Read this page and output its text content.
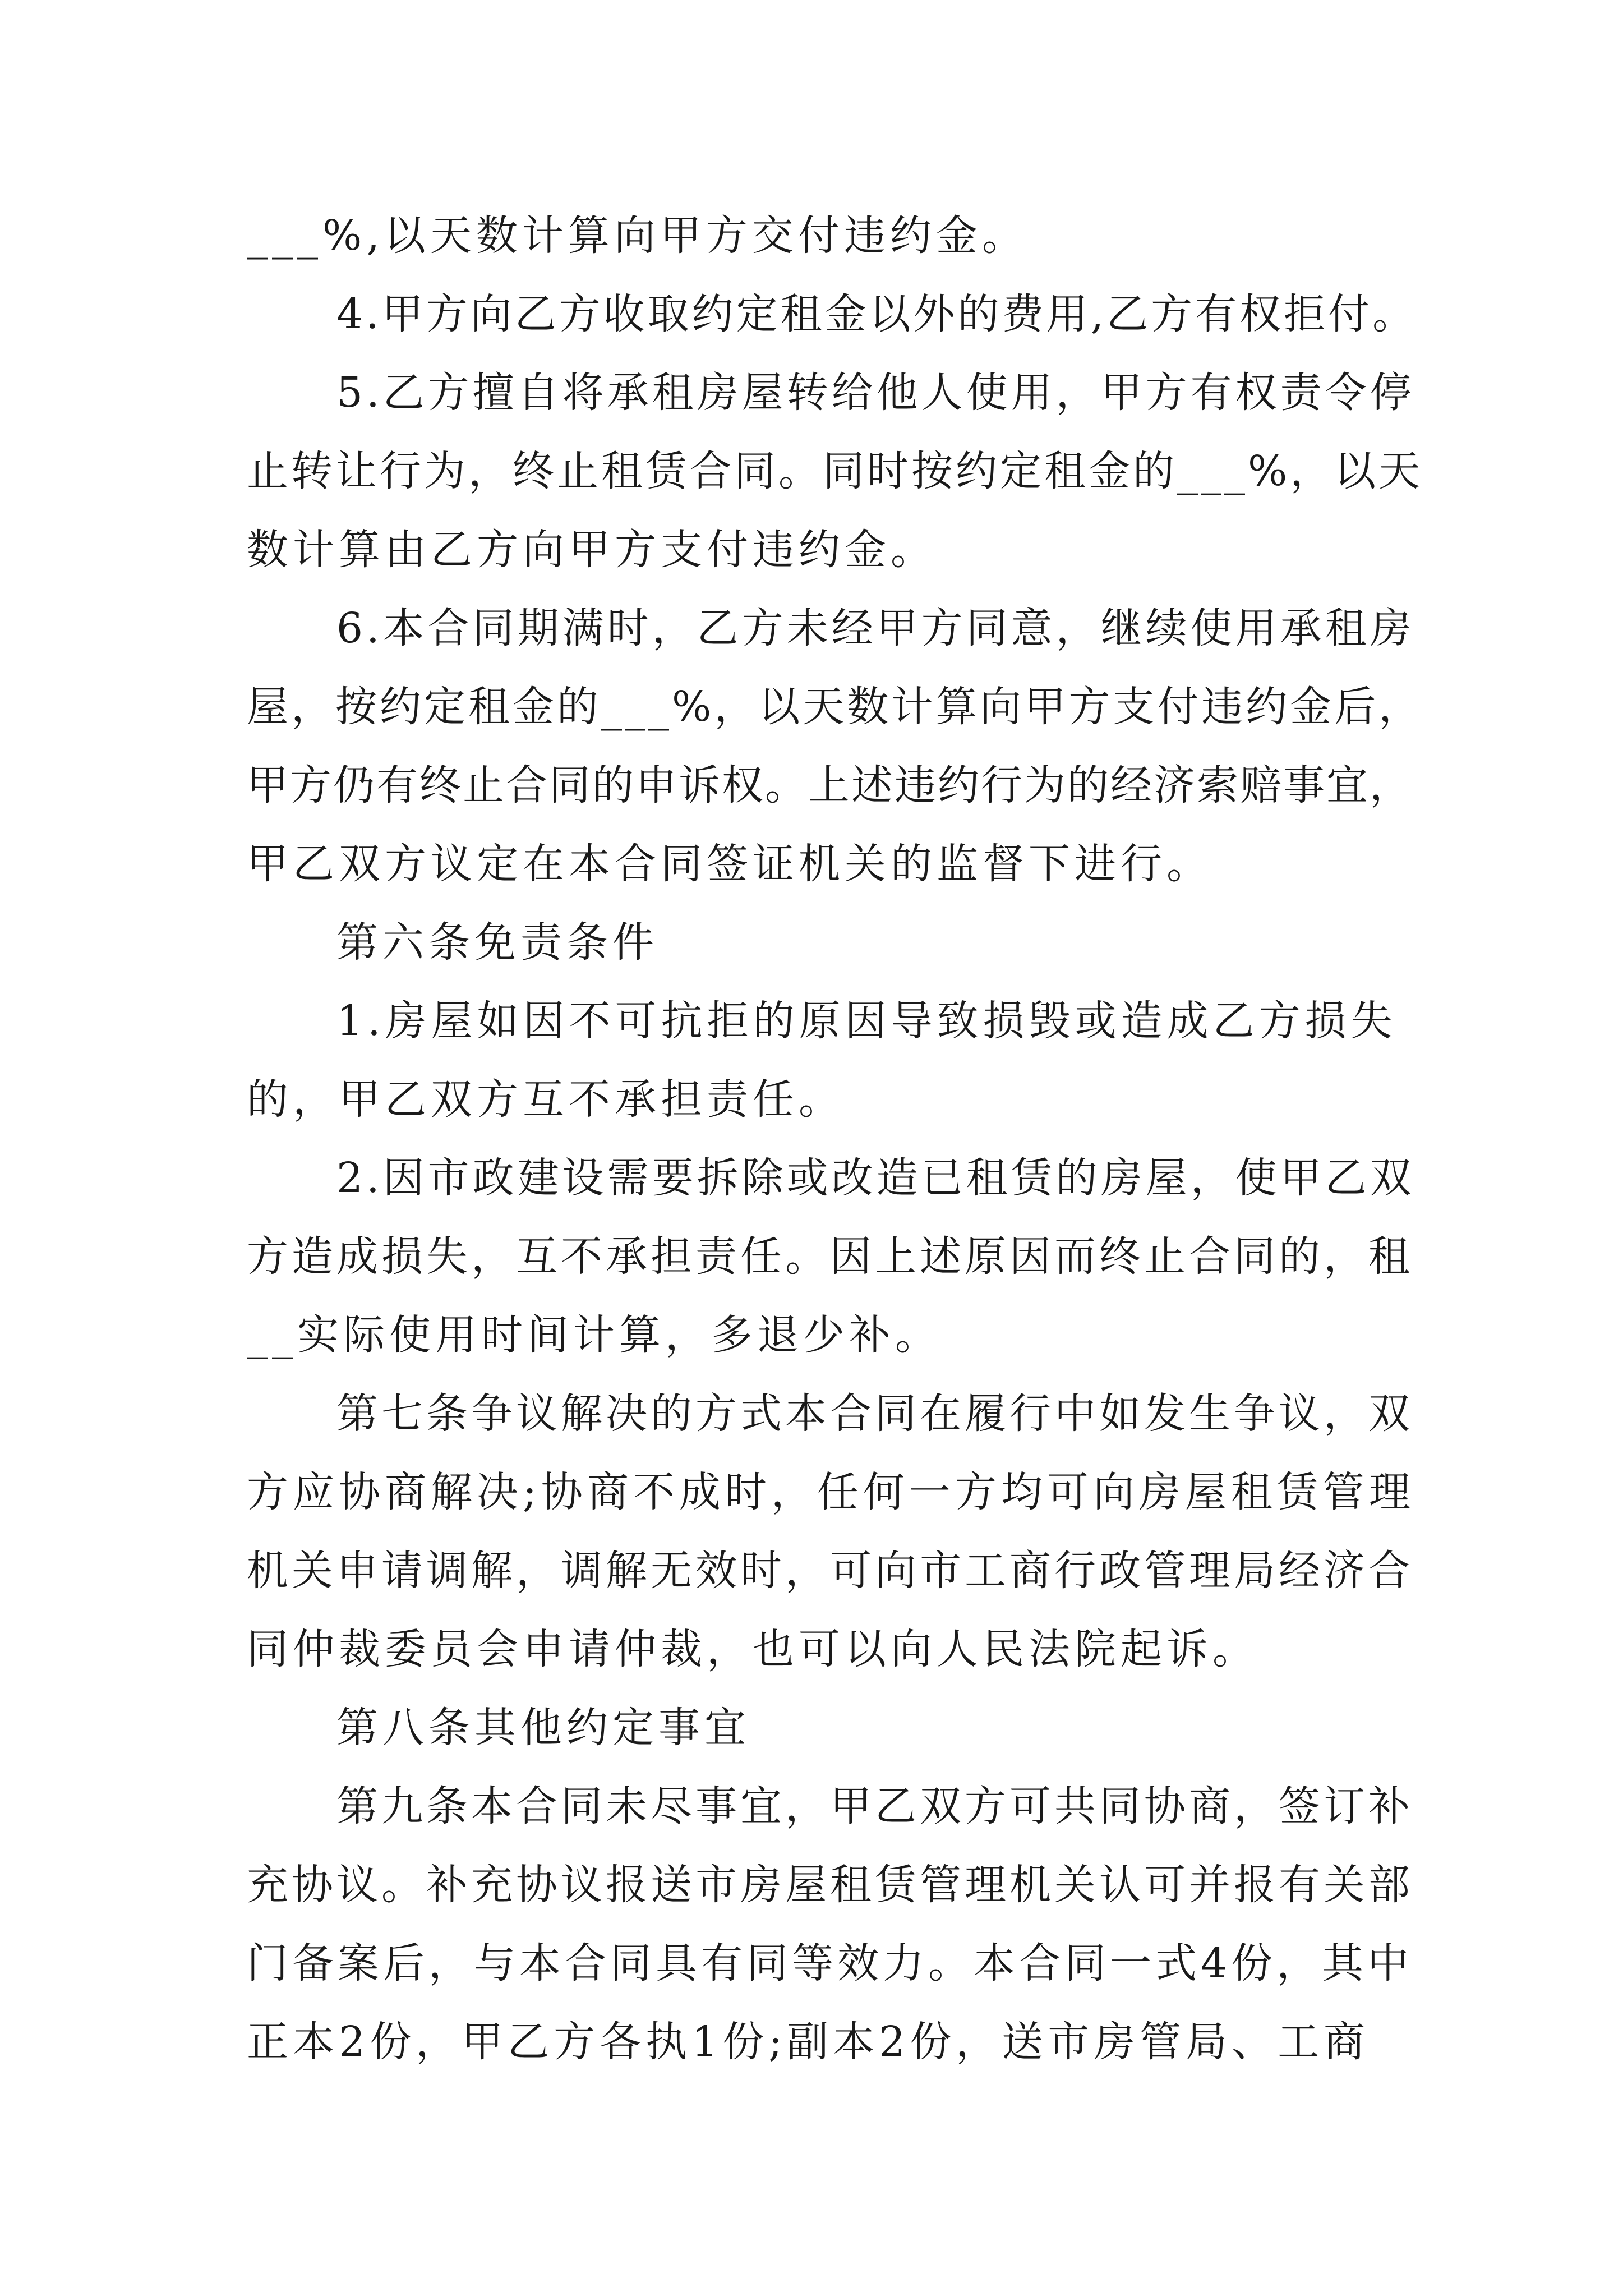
___%,以天数计算向甲方交付违约金。
4.甲方向乙方收取约定租金以外的费用,乙方有权拒付。
5.乙方擅自将承租房屋转给他人使用，甲方有权责令停
止转让行为，终止租赁合同。同时按约定租金的___%，以天
数计算由乙方向甲方支付违约金。
6.本合同期满时，乙方未经甲方同意，继续使用承租房
屋，按约定租金的___%，以天数计算向甲方支付违约金后，
甲方仍有终止合同的申诉权。上述违约行为的经济索赔事宜，
甲乙双方议定在本合同签证机关的监督下进行。
第六条免责条件
1.房屋如因不可抗拒的原因导致损毁或造成乙方损失
的，甲乙双方互不承担责任。
2.因市政建设需要拆除或改造已租赁的房屋，使甲乙双
方造成损失，互不承担责任。因上述原因而终止合同的，租
__实际使用时间计算，多退少补。
第七条争议解决的方式本合同在履行中如发生争议，双
方应协商解决;协商不成时，任何一方均可向房屋租赁管理
机关申请调解，调解无效时，可向市工商行政管理局经济合
同仲裁委员会申请仲裁，也可以向人民法院起诉。
第八条其他约定事宜
第九条本合同未尽事宜，甲乙双方可共同协商，签订补
充协议。补充协议报送市房屋租赁管理机关认可并报有关部
门备案后，与本合同具有同等效力。本合同一式4份，其中
正本2份，甲乙方各执1份;副本2份，送市房管局、工商
